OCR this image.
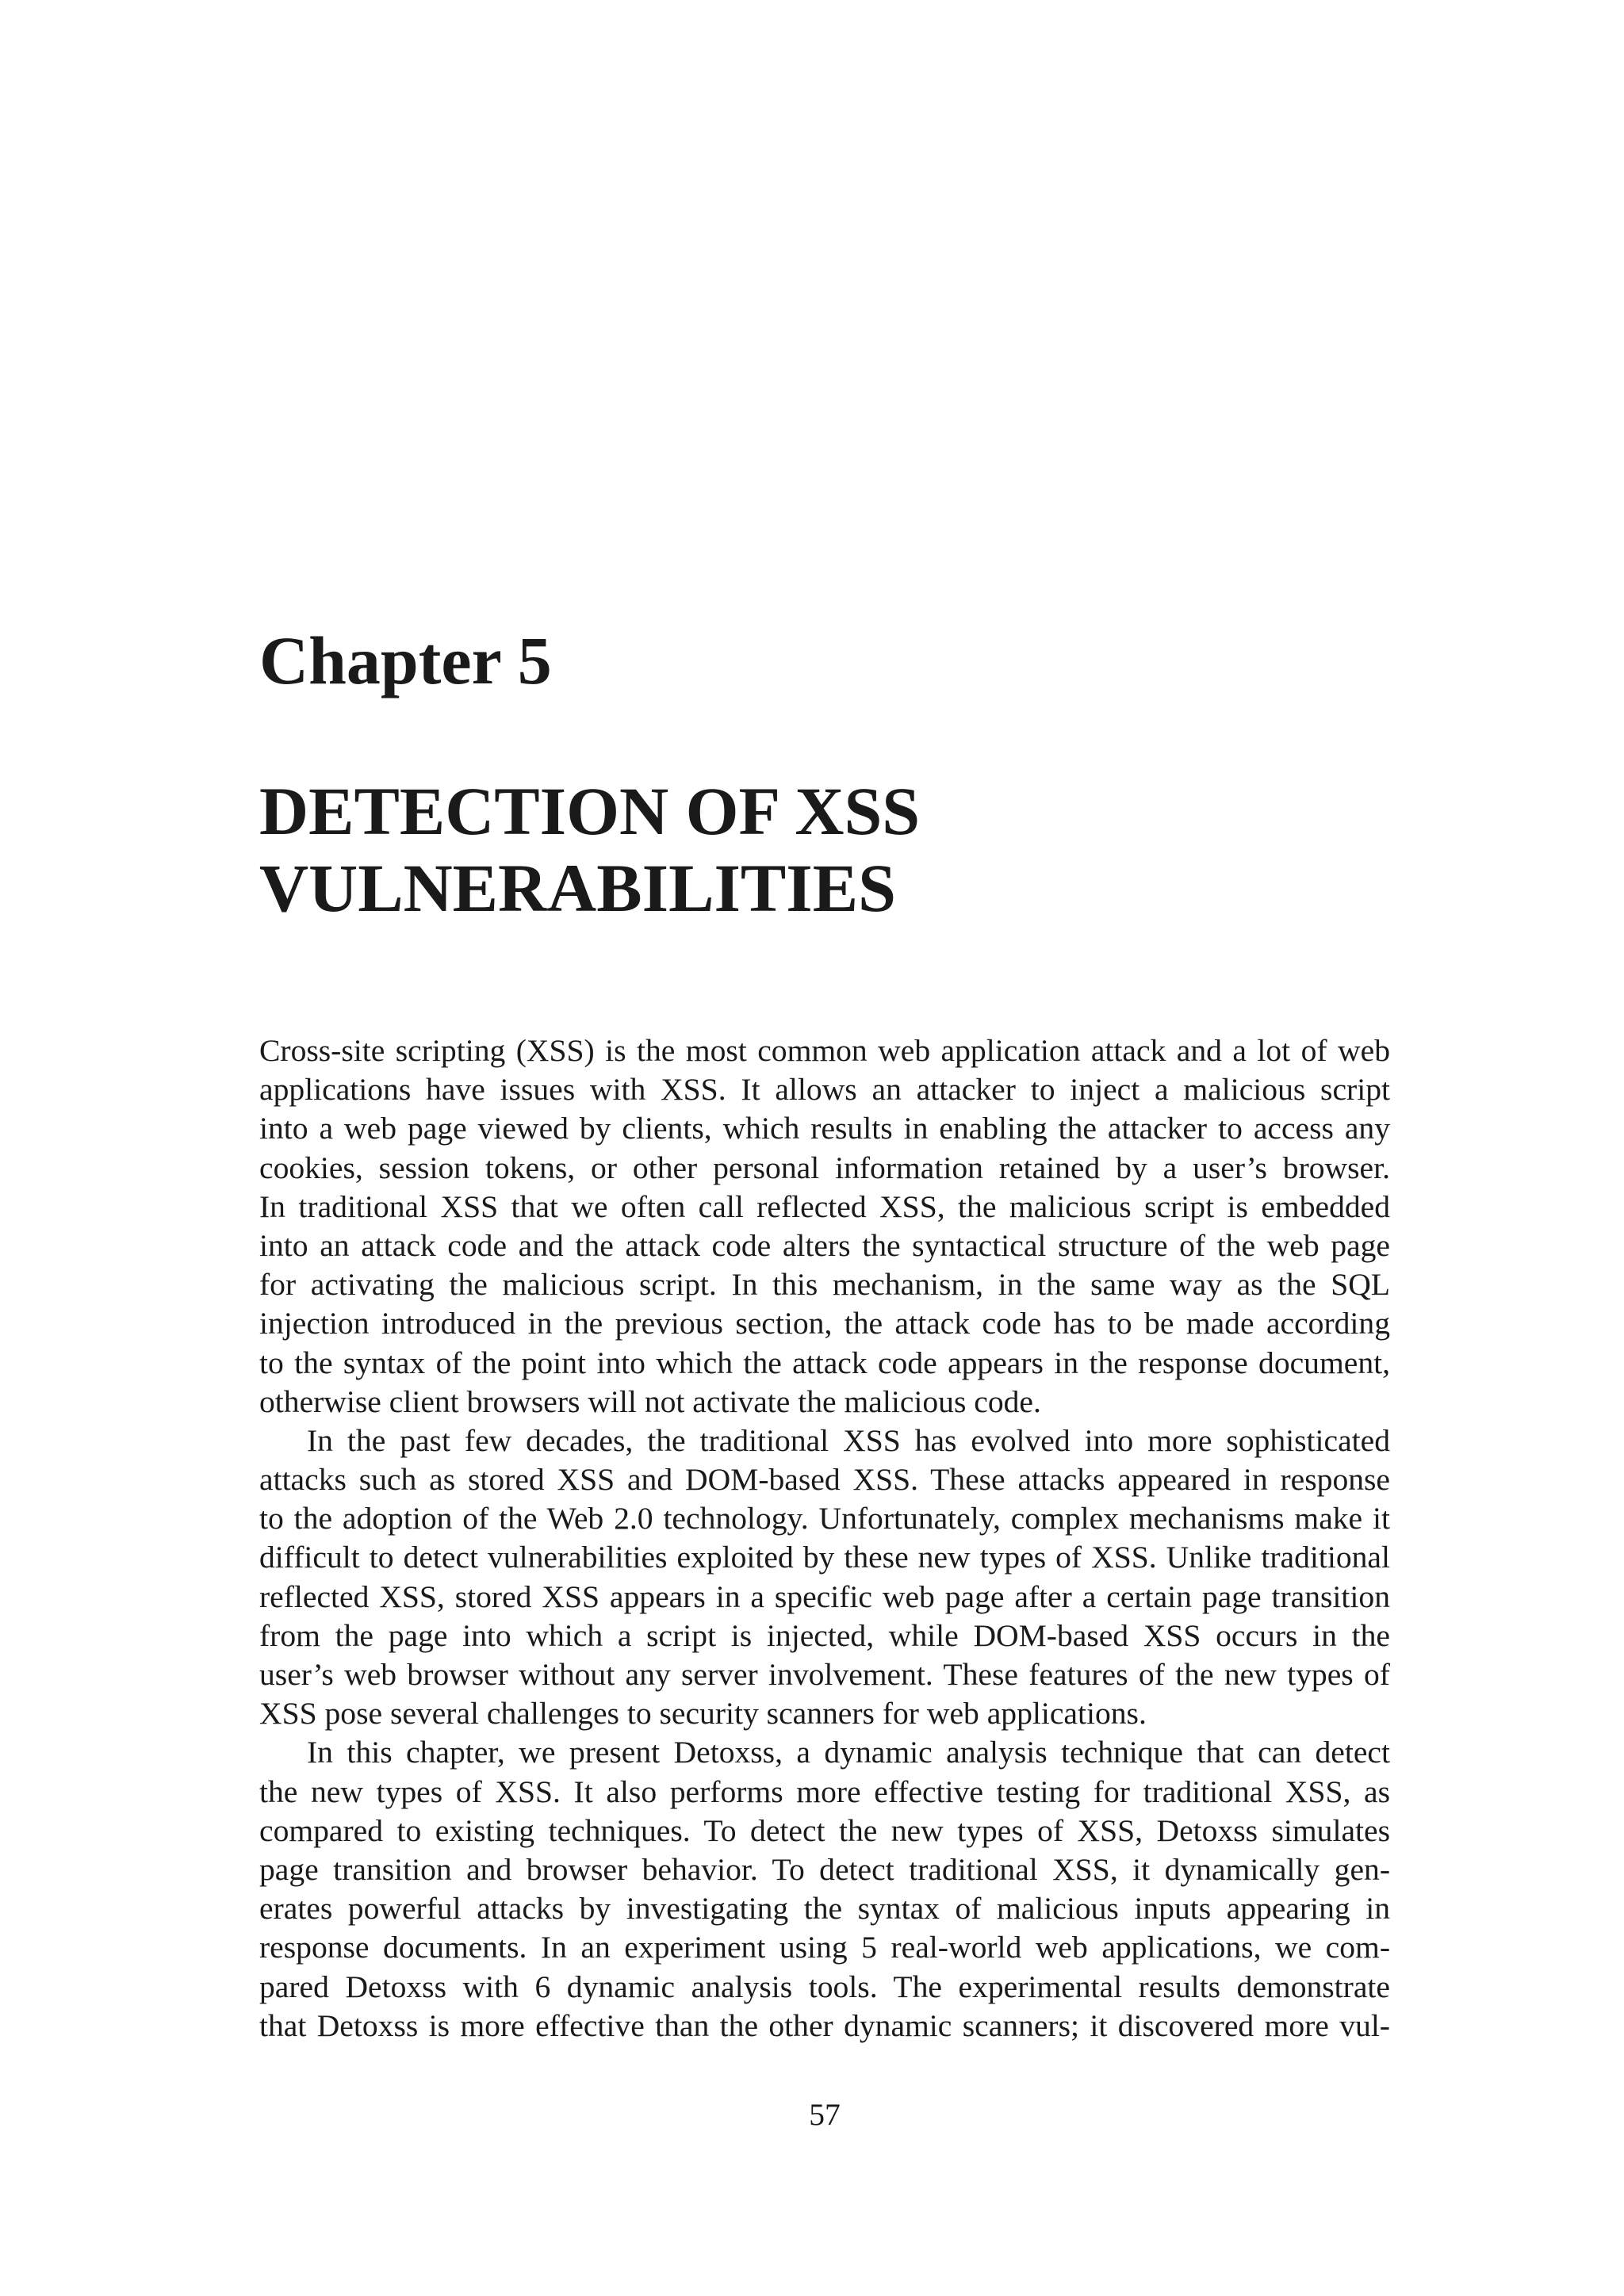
Chapter 5
DETECTION OF XSS
VULNERABILITIES

Cross-site scripting (XSS) is the most common web application attack and a lot of web
applications have issues with XSS. It allows an attacker to inject a malicious script
into a web page viewed by clients, which results in enabling the attacker to access any
cookies, session tokens, or other personal information retained by a user’s browser.
In traditional XSS that we often call reflected XSS, the malicious script is embedded
into an attack code and the attack code alters the syntactical structure of the web page
for activating the malicious script. In this mechanism, in the same way as the SQL
injection introduced in the previous section, the attack code has to be made according
to the syntax of the point into which the attack code appears in the response document,
otherwise client browsers will not activate the malicious code.

In the past few decades, the traditional XSS has evolved into more sophisticated
attacks such as stored XSS and DOM-based XSS. These attacks appeared in response
to the adoption of the Web 2.0 technology. Unfortunately, complex mechanisms make it
difficult to detect vulnerabilities exploited by these new types of XSS. Unlike traditional
reflected XSS, stored XSS appears in a specific web page after a certain page transition
from the page into which a script is injected, while DOM-based XSS occurs in the
user’s web browser without any server involvement. These features of the new types of
XSS pose several challenges to security scanners for web applications.

In this chapter, we present Detoxss, a dynamic analysis technique that can detect
the new types of XSS. It also performs more effective testing for traditional XSS, as
compared to existing techniques. To detect the new types of XSS, Detoxss simulates
page transition and browser behavior. To detect traditional XSS, it dynamically gen-
erates powerful attacks by investigating the syntax of malicious inputs appearing in
response documents. In an experiment using 5 real-world web applications, we com-
pared Detoxss with 6 dynamic analysis tools. The experimental results demonstrate
that Detoxss is more effective than the other dynamic scanners; it discovered more vul-

57
